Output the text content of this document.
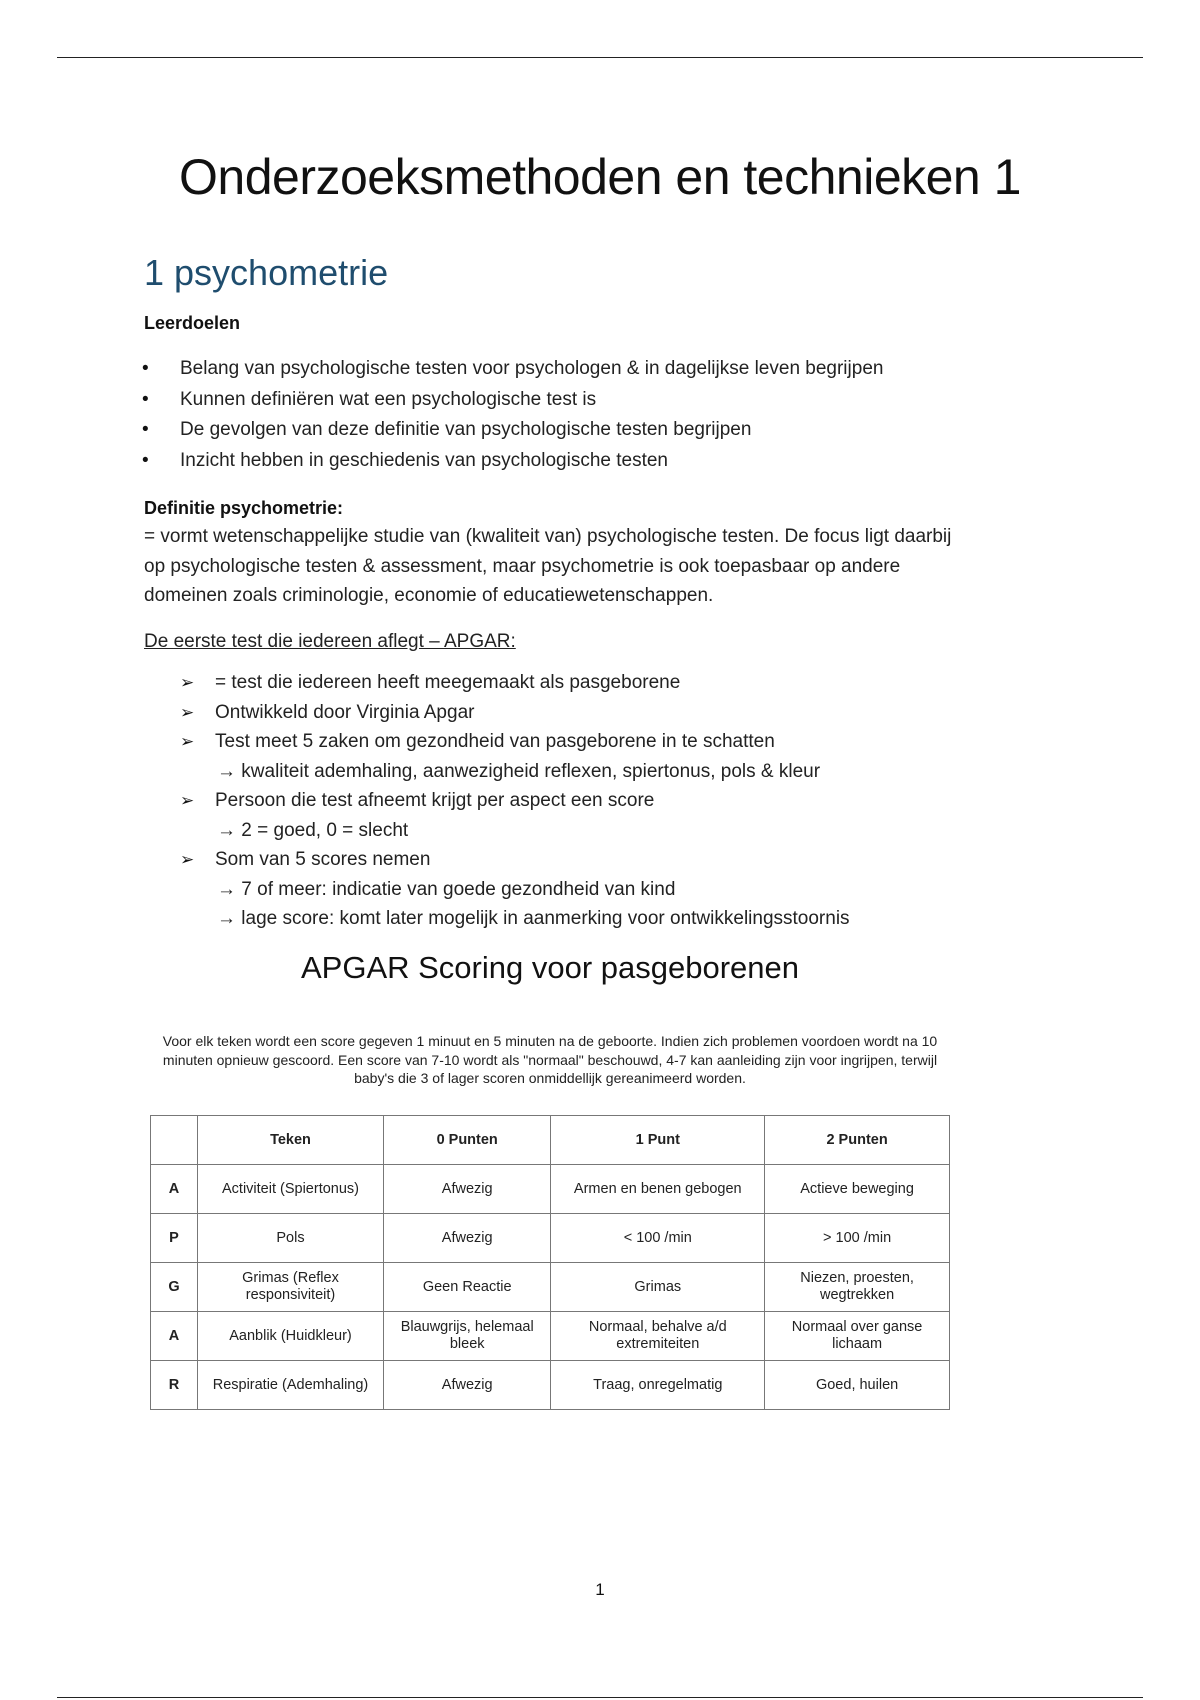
Onderzoeksmethoden en technieken 1
1 psychometrie
Leerdoelen
• Belang van psychologische testen voor psychologen & in dagelijkse leven begrijpen
• Kunnen definiëren wat een psychologische test is
• De gevolgen van deze definitie van psychologische testen begrijpen
• Inzicht hebben in geschiedenis van psychologische testen
Definitie psychometrie:
= vormt wetenschappelijke studie van (kwaliteit van) psychologische testen. De focus ligt daarbij
op psychologische testen & assessment, maar psychometrie is ook toepasbaar op andere
domeinen zoals criminologie, economie of educatiewetenschappen.
De eerste test die iedereen aflegt – APGAR:
➢ = test die iedereen heeft meegemaakt als pasgeborene
➢ Ontwikkeld door Virginia Apgar
➢ Test meet 5 zaken om gezondheid van pasgeborene in te schatten
→ kwaliteit ademhaling, aanwezigheid reflexen, spiertonus, pols & kleur
➢ Persoon die test afneemt krijgt per aspect een score
→ 2 = goed, 0 = slecht
➢ Som van 5 scores nemen
→ 7 of meer: indicatie van goede gezondheid van kind
→ lage score: komt later mogelijk in aanmerking voor ontwikkelingsstoornis
APGAR Scoring voor pasgeborenen
Voor elk teken wordt een score gegeven 1 minuut en 5 minuten na de geboorte. Indien zich problemen voordoen wordt na 10 minuten opnieuw gescoord. Een score van 7-10 wordt als "normaal" beschouwd, 4-7 kan aanleiding zijn voor ingrijpen, terwijl baby's die 3 of lager scoren onmiddellijk gereanimeerd worden.
	Teken	0 Punten	1 Punt	2 Punten
A	Activiteit (Spiertonus)	Afwezig	Armen en benen gebogen	Actieve beweging
P	Pols	Afwezig	< 100 /min	> 100 /min
G	Grimas (Reflex responsiviteit)	Geen Reactie	Grimas	Niezen, proesten, wegtrekken
A	Aanblik (Huidkleur)	Blauwgrijs, helemaal bleek	Normaal, behalve a/d extremiteiten	Normaal over ganse lichaam
R	Respiratie (Ademhaling)	Afwezig	Traag, onregelmatig	Goed, huilen
1
